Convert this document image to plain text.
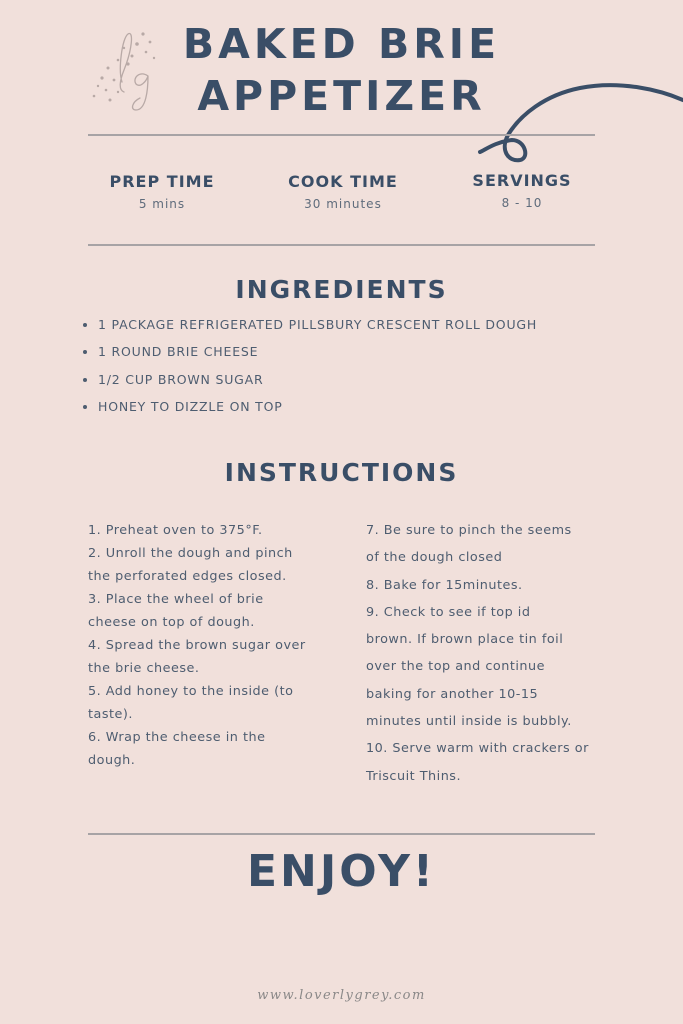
BAKED BRIE
APPETIZER
PREP TIME
5 mins
COOK TIME
30 minutes
SERVINGS
8 - 10
INGREDIENTS
1 PACKAGE REFRIGERATED PILLSBURY CRESCENT ROLL DOUGH
1 ROUND BRIE CHEESE
1/2 CUP BROWN SUGAR
HONEY TO DIZZLE ON TOP
INSTRUCTIONS
1. Preheat oven to 375°F.
2. Unroll the dough and pinch
the perforated edges closed.
3. Place the wheel of brie
cheese on top of dough.
4. Spread the brown sugar over
the brie cheese.
5. Add honey to the inside (to
taste).
6. Wrap the cheese in the
dough.
7. Be sure to pinch the seems
of the dough closed
8. Bake for 15minutes.
9. Check to see if top id
brown. If brown place tin foil
over the top and continue
baking for another 10-15
minutes until inside is bubbly.
10. Serve warm with crackers or
Triscuit Thins.
ENJOY!
www.loverlygrey.com
